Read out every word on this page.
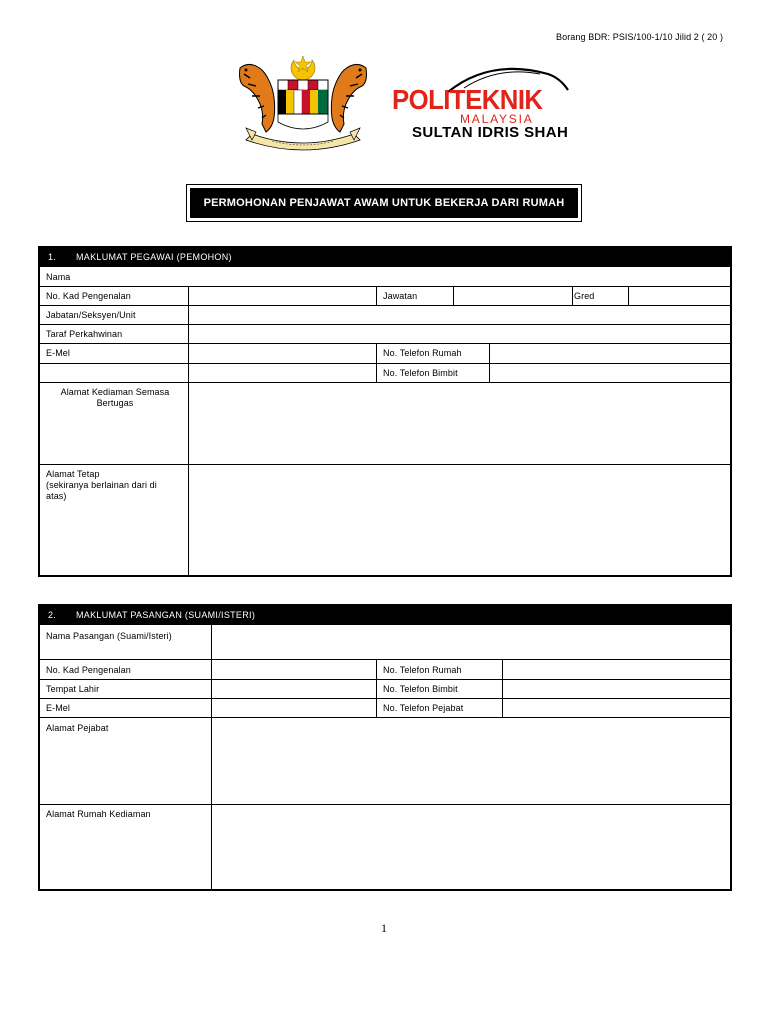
Borang BDR: PSIS/100-1/10 Jilid 2 ( 20 )
POLITEKNIK
MALAYSIA
SULTAN IDRIS SHAH
PERMOHONAN PENJAWAT AWAM UNTUK BEKERJA DARI RUMAH
1. MAKLUMAT PEGAWAI (PEMOHON)
Nama
No. Kad Pengenalan	Jawatan	Gred
Jabatan/Seksyen/Unit
Taraf Perkahwinan
E-Mel	No. Telefon Rumah
No. Telefon Bimbit
Alamat Kediaman Semasa
Bertugas
Alamat Tetap
(sekiranya berlainan dari di
atas)
2. MAKLUMAT PASANGAN (SUAMI/ISTERI)
Nama Pasangan (Suami/Isteri)
No. Kad Pengenalan	No. Telefon Rumah
Tempat Lahir	No. Telefon Bimbit
E-Mel	No. Telefon Pejabat
Alamat Pejabat
Alamat Rumah Kediaman
1
